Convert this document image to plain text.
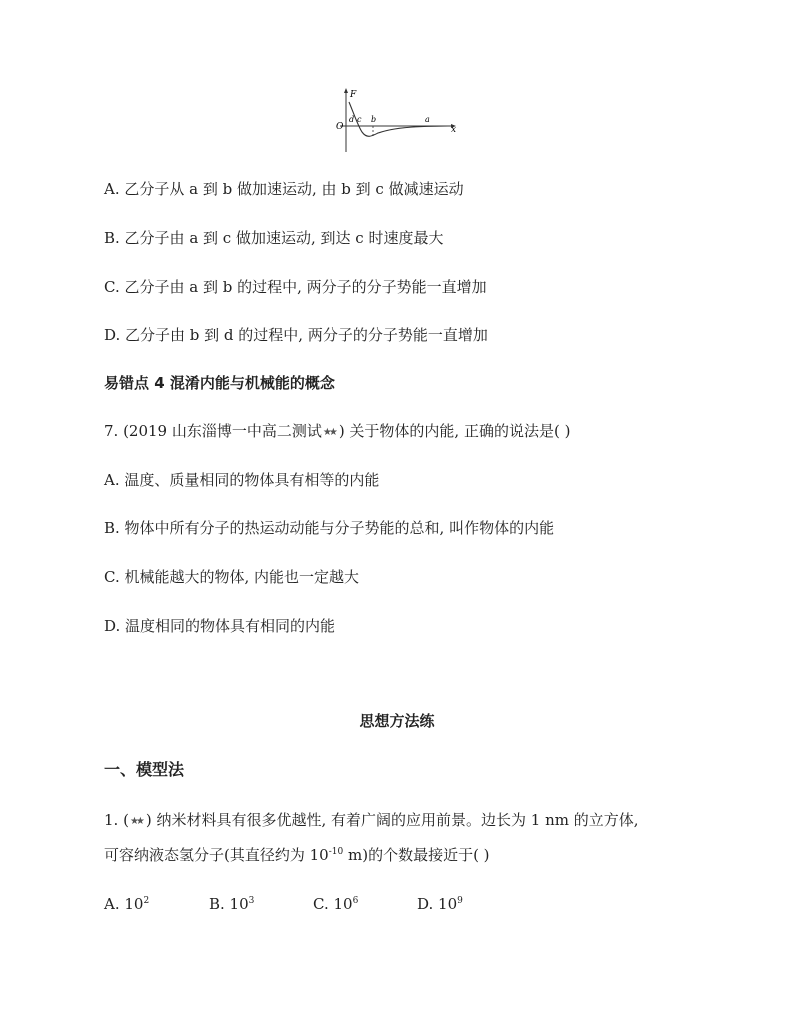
F
O	x
d c b	a
A. 乙分子从 a 到 b 做加速运动, 由 b 到 c 做减速运动
B. 乙分子由 a 到 c 做加速运动, 到达 c 时速度最大
C. 乙分子由 a 到 b 的过程中, 两分子的分子势能一直增加
D. 乙分子由 b 到 d 的过程中, 两分子的分子势能一直增加
易错点 4 混淆内能与机械能的概念
7. (2019 山东淄博一中高二测试★★ ) 关于物体的内能, 正确的说法是( )
A. 温度、质量相同的物体具有相等的内能
B. 物体中所有分子的热运动动能与分子势能的总和, 叫作物体的内能
C. 机械能越大的物体, 内能也一定越大
D. 温度相同的物体具有相同的内能
思想方法练
一、模型法
1. (★★ ) 纳米材料具有很多优越性, 有着广阔的应用前景。边长为 1 nm 的立方体,
可容纳液态氢分子(其直径约为 $10^{-10}$ m)的个数最接近于( )
A. $10^2$	B. $10^3$	C. $10^6$	D. $10^9$
